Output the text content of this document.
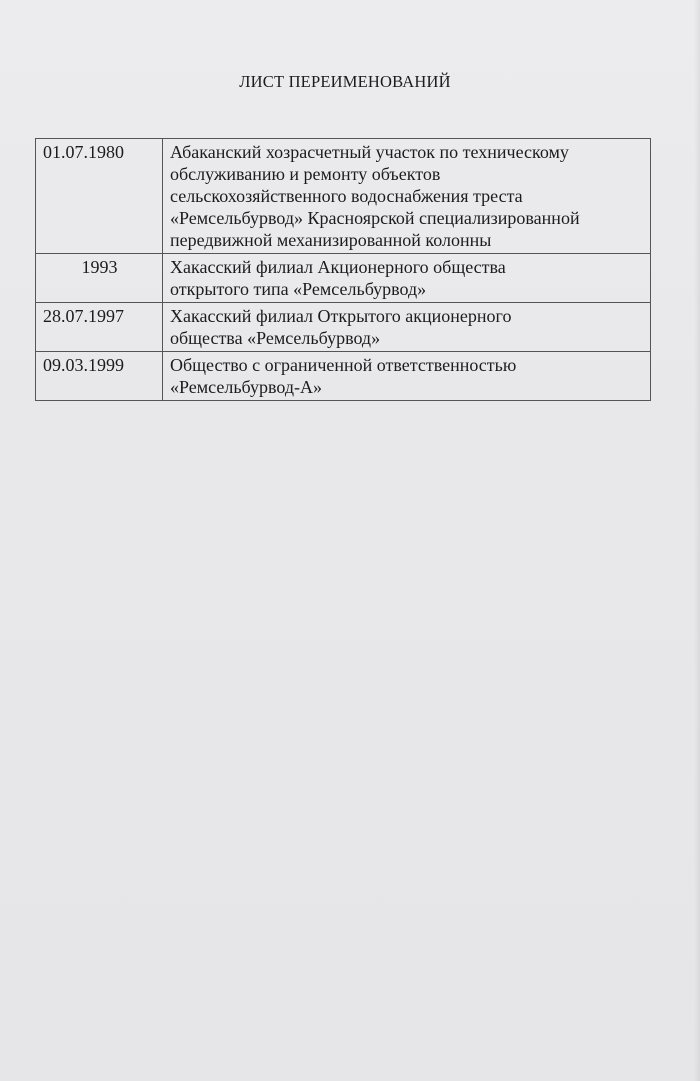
ЛИСТ ПЕРЕИМЕНОВАНИЙ
01.07.1980	Абаканский хозрасчетный участок по техническому
обслуживанию и ремонту объектов
сельскохозяйственного водоснабжения треста
«Ремсельбурвод» Красноярской специализированной
передвижной механизированной колонны

1993	Хакасский филиал Акционерного общества
открытого типа «Ремсельбурвод»

28.07.1997	Хакасский филиал Открытого акционерного
общества «Ремсельбурвод»

09.03.1999	Общество с ограниченной ответственностью
«Ремсельбурвод-А»
